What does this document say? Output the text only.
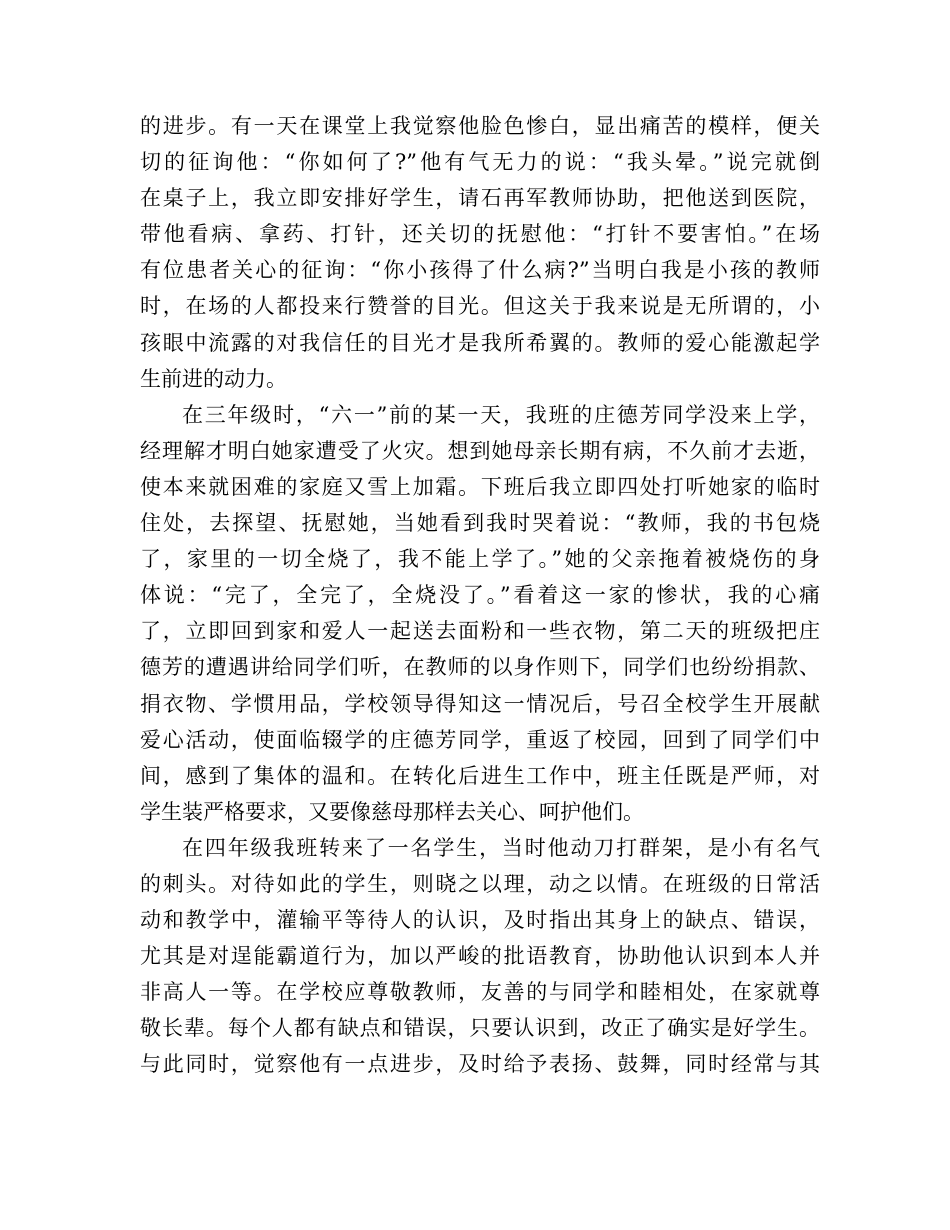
的进步。有一天在课堂上我觉察他脸色惨白，显出痛苦的模样，便关
切的征询他：“你如何了?”他有气无力的说：“我头晕。”说完就倒
在桌子上，我立即安排好学生，请石再军教师协助，把他送到医院，
带他看病、拿药、打针，还关切的抚慰他：“打针不要害怕。”在场
有位患者关心的征询：“你小孩得了什么病?”当明白我是小孩的教师
时，在场的人都投来行赞誉的目光。但这关于我来说是无所谓的，小
孩眼中流露的对我信任的目光才是我所希翼的。教师的爱心能激起学
生前进的动力。
在三年级时，“六一”前的某一天，我班的庄德芳同学没来上学，
经理解才明白她家遭受了火灾。想到她母亲长期有病，不久前才去逝，
使本来就困难的家庭又雪上加霜。下班后我立即四处打听她家的临时
住处，去探望、抚慰她，当她看到我时哭着说：“教师，我的书包烧
了，家里的一切全烧了，我不能上学了。”她的父亲拖着被烧伤的身
体说：“完了，全完了，全烧没了。”看着这一家的惨状，我的心痛
了，立即回到家和爱人一起送去面粉和一些衣物，第二天的班级把庄
德芳的遭遇讲给同学们听，在教师的以身作则下，同学们也纷纷捐款、
捐衣物、学惯用品，学校领导得知这一情况后，号召全校学生开展献
爱心活动，使面临辍学的庄德芳同学，重返了校园，回到了同学们中
间，感到了集体的温和。在转化后进生工作中，班主任既是严师，对
学生装严格要求，又要像慈母那样去关心、呵护他们。
在四年级我班转来了一名学生，当时他动刀打群架，是小有名气
的刺头。对待如此的学生，则晓之以理，动之以情。在班级的日常活
动和教学中，灌输平等待人的认识，及时指出其身上的缺点、错误，
尤其是对逞能霸道行为，加以严峻的批语教育，协助他认识到本人并
非高人一等。在学校应尊敬教师，友善的与同学和睦相处，在家就尊
敬长辈。每个人都有缺点和错误，只要认识到，改正了确实是好学生。
与此同时，觉察他有一点进步，及时给予表扬、鼓舞，同时经常与其
